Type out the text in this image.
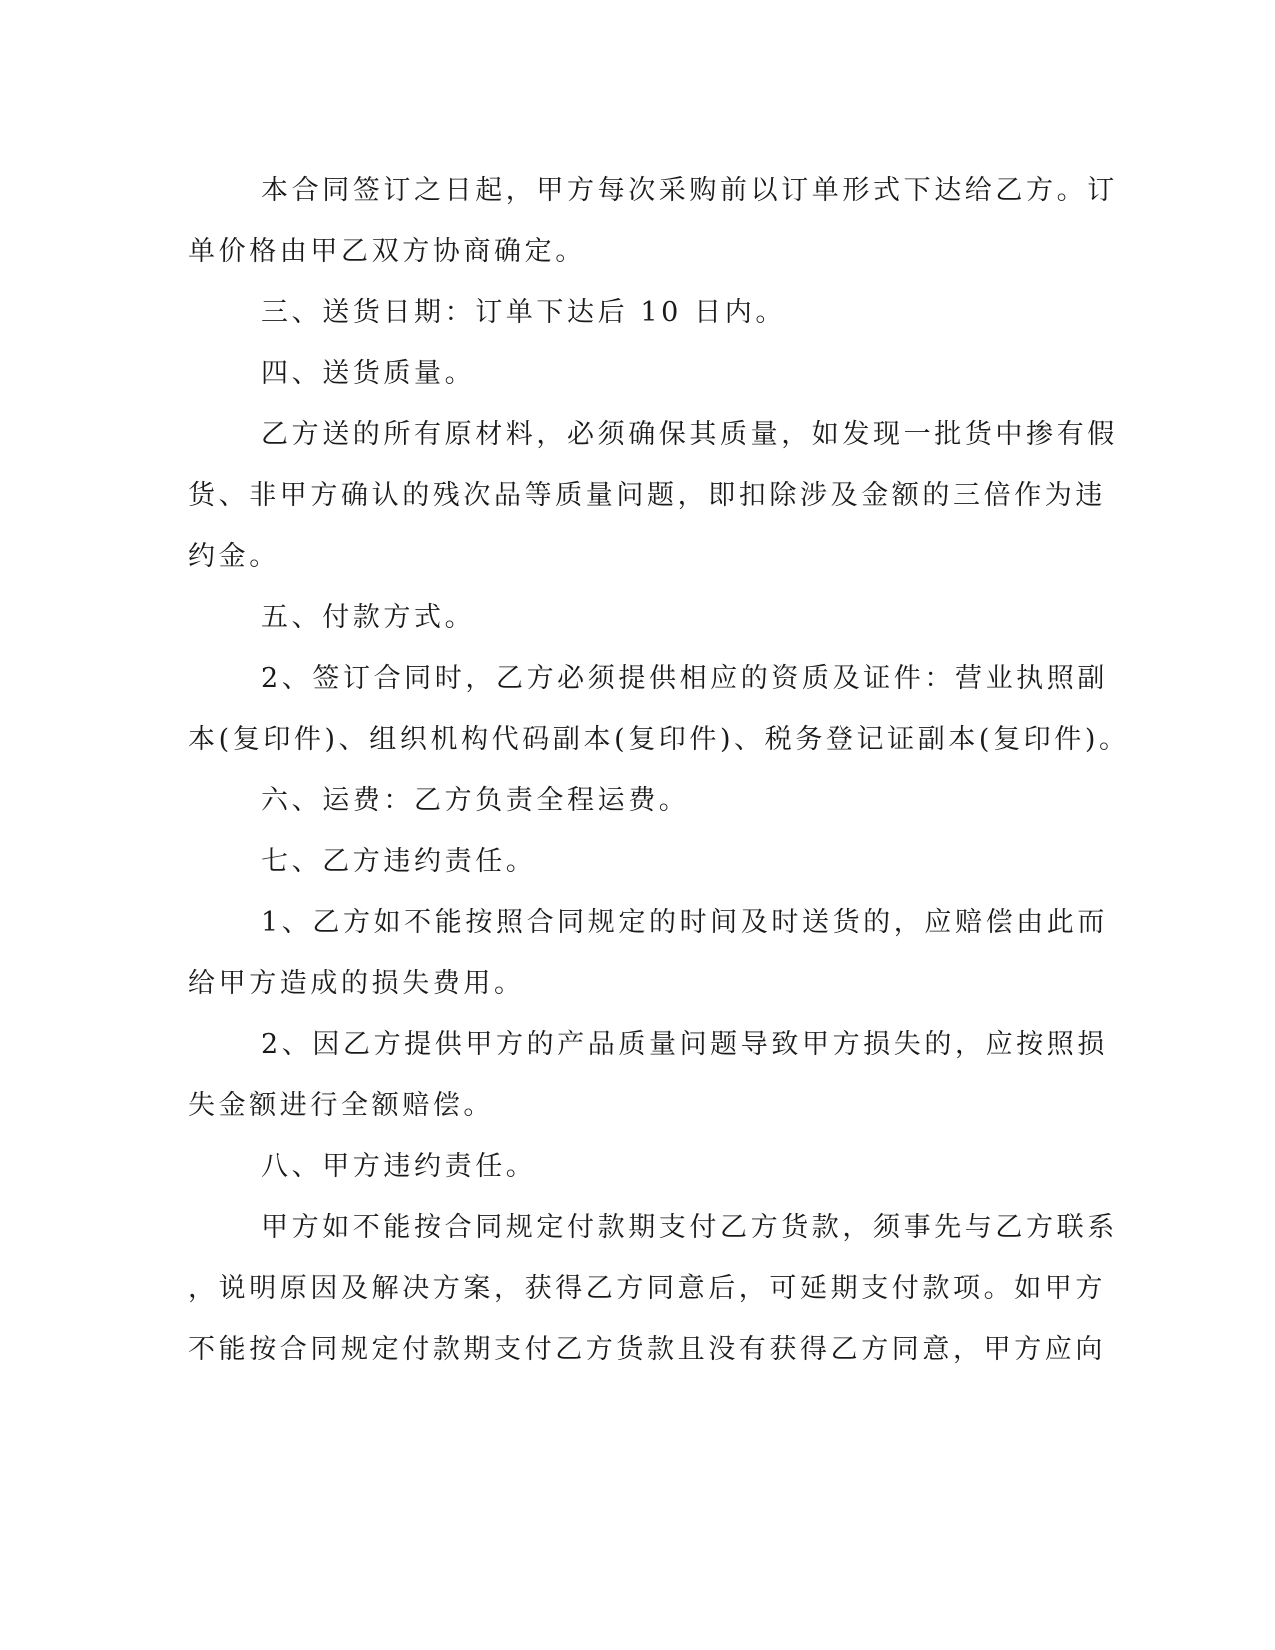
本合同签订之日起，甲方每次采购前以订单形式下达给乙方。订
单价格由甲乙双方协商确定。
三、送货日期：订单下达后 10 日内。
四、送货质量。
乙方送的所有原材料，必须确保其质量，如发现一批货中掺有假
货、非甲方确认的残次品等质量问题，即扣除涉及金额的三倍作为违
约金。
五、付款方式。
2、签订合同时，乙方必须提供相应的资质及证件：营业执照副
本(复印件)、组织机构代码副本(复印件)、税务登记证副本(复印件)。
六、运费：乙方负责全程运费。
七、乙方违约责任。
1、乙方如不能按照合同规定的时间及时送货的，应赔偿由此而
给甲方造成的损失费用。
2、因乙方提供甲方的产品质量问题导致甲方损失的，应按照损
失金额进行全额赔偿。
八、甲方违约责任。
甲方如不能按合同规定付款期支付乙方货款，须事先与乙方联系
，说明原因及解决方案，获得乙方同意后，可延期支付款项。如甲方
不能按合同规定付款期支付乙方货款且没有获得乙方同意，甲方应向
